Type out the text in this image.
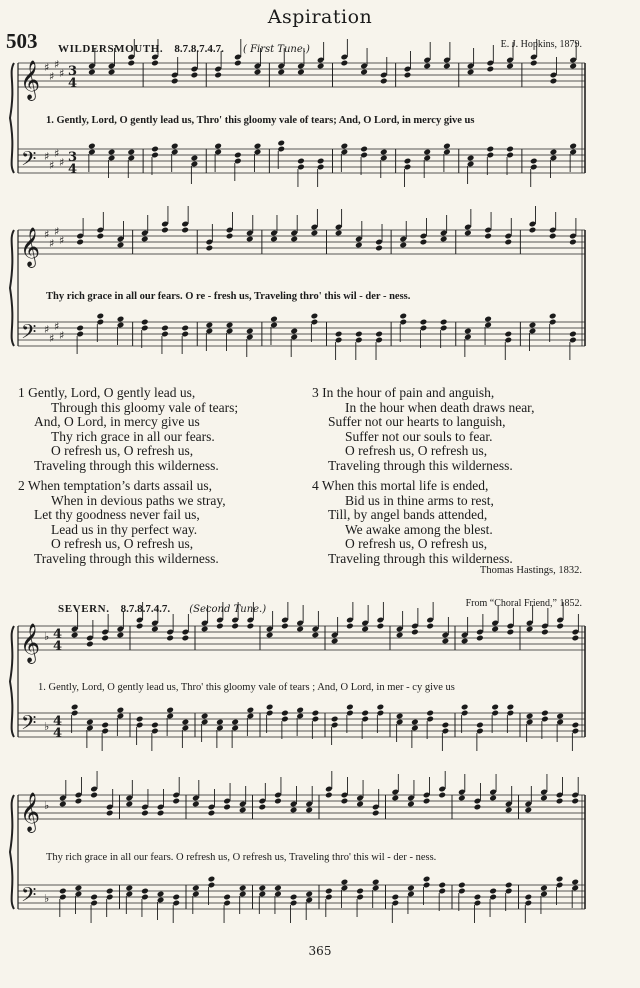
Aspiration
503 WILDERSMOUTH. 8.7.8.7.4.7. ( First Tune.)	E. J. Hopkins, 1879.
1. Gently, Lord, O gently lead us, Thro' this gloomy vale of tears; And, O Lord, in mercy give us
Thy rich grace in all our fears. O re - fresh us, Traveling thro' this wil - der - ness.
1 Gently, Lord, O gently lead us,
Through this gloomy vale of tears;
And, O Lord, in mercy give us
Thy rich grace in all our fears.
O refresh us, O refresh us,
Traveling through this wilderness.
3 In the hour of pain and anguish,
In the hour when death draws near,
Suffer not our hearts to languish,
Suffer not our souls to fear.
O refresh us, O refresh us,
Traveling through this wilderness.
2 When temptation’s darts assail us,
When in devious paths we stray,
Let thy goodness never fail us,
Lead us in thy perfect way.
O refresh us, O refresh us,
Traveling through this wilderness.
4 When this mortal life is ended,
Bid us in thine arms to rest,
Till, by angel bands attended,
We awake among the blest.
O refresh us, O refresh us,
Traveling through this wilderness.
Thomas Hastings, 1832.
SEVERN. 8.7.8.7.4.7. (Second Tune.)
From “Choral Friend,” 1852.
1. Gently, Lord, O gently lead us, Thro' this gloomy vale of tears ; And, O Lord, in mer - cy give us
Thy rich grace in all our fears. O refresh us, O refresh us, Traveling thro' this wil - der - ness.
365
𝄞
𝄢
♯
♯
♯
♯
♯
♯
♯
♯
3
4
3
4
𝄞
𝄢
♯
♯
♯
♯
♯
♯
♯
♯
𝄞
𝄢
♭
♭
4
4
4
4
𝄞
𝄢
♭
♭
